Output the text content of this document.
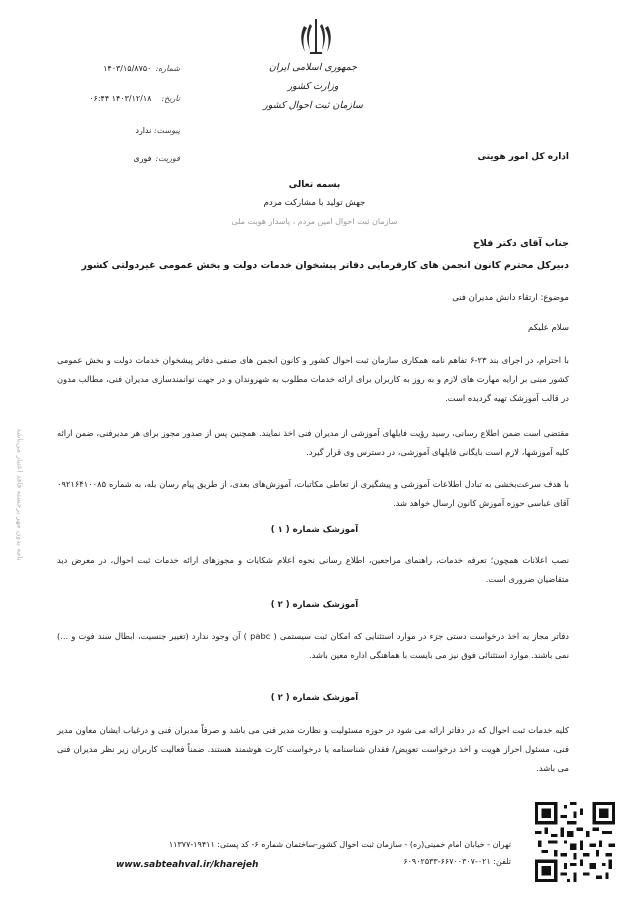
جمهوری اسلامی ایران
وزارت کشور
سازمان ثبت احوال کشور
شماره: ۱۴۰۳/۱۵/۸۷۵۰
تاریخ: ۱۴۰۳/۱۲/۱۸ ۰۶:۴۴
پیوست: ندارد
فوریت: فوری	اداره کل امور هویتی
بسمه تعالی
جهش تولید با مشارکت مردم
سازمان ثبت احوال امین مردم ، پاسدار هویت ملی
جناب آقای دکتر فلاح
دبیرکل محترم کانون انجمن های کارفرمایی دفاتر پیشخوان خدمات دولت و بخش عمومی غیردولتی کشور
موضوع: ارتقاء دانش مدیران فنی
سلام علیکم
با احترام، در اجرای بند ۲۳-۶ تفاهم نامه همکاری سازمان ثبت احوال کشور و کانون انجمن های صنفی دفاتر پیشخوان خدمات دولت و بخش عمومی کشور مبنی بر ارایه مهارت های لازم و به روز به کاربران برای ارائه خدمات مطلوب به شهروندان و در جهت توانمندسازی مدیران فنی، مطالب مدون در قالب آموزشک تهیه گردیده است.
مقتضی است ضمن اطلاع رسانی، رسید رؤیت فایلهای آموزشی از مدیران فنی اخذ نمایند. همچنین پس از صدور مجوز برای هر مدیرفنی، ضمن ارائه کلیه آموزشها، لازم است بایگانی فایلهای آموزشی، در دسترس وی قرار گیرد.
با هدف سرعت‌بخشی به تبادل اطلاعات آموزشی و پیشگیری از تعاطی مکاتبات، آموزش‌های بعدی، از طریق پیام رسان بله، به شماره ۰۹۲۱۶۴۱۰۰۸۵ آقای عباسی حوزه آموزش کانون ارسال خواهد شد.
آموزشک شماره ( ۱ )
نصب اعلانات همچون؛ تعرفه خدمات، راهنمای مراجعین، اطلاع رسانی نحوه اعلام شکایات و مجوزهای ارائه خدمات ثبت احوال، در معرض دید متقاضیان ضروری است.
آموزشک شماره ( ۲ )
دفاتر مجاز به اخذ درخواست دستی جزء در موارد استثنایی که امکان ثبت سیستمی ( pabc ) آن وجود ندارد (تغییر جنسیت، ابطال سند فوت و ...) نمی باشند. موارد استثنائی فوق نیز می بایست با هماهنگی اداره معین باشد.
آموزشک شماره ( ۲ )
کلیه خدمات ثبت احوال که در دفاتر ارائه می شود در حوزه مسئولیت و نظارت مدیر فنی می باشد و صرفاً مدیران فنی و درغیاب ایشان معاون مدیر فنی، مسئول احراز هویت و اخذ درخواست تعویض/ فقدان شناسنامه یا درخواست کارت هوشمند هستند. ضمناً فعالیت کاربران زیر نظر مدیران فنی می باشد.
نامه بدون مهر برجسته فاقد اعتبار می‌باشد
تهران - خیابان امام خمینی(ره) - سازمان ثبت احوال کشور-ساختمان شماره ۶- کد پستی: ۱۹۴۱۱-۱۱۳۷۷
تلفن: ۰۲۱-۶۶۷۰۰۳۰۷-۶۰۹۰۲۵۳۳
www.sabteahval.ir/kharejeh
